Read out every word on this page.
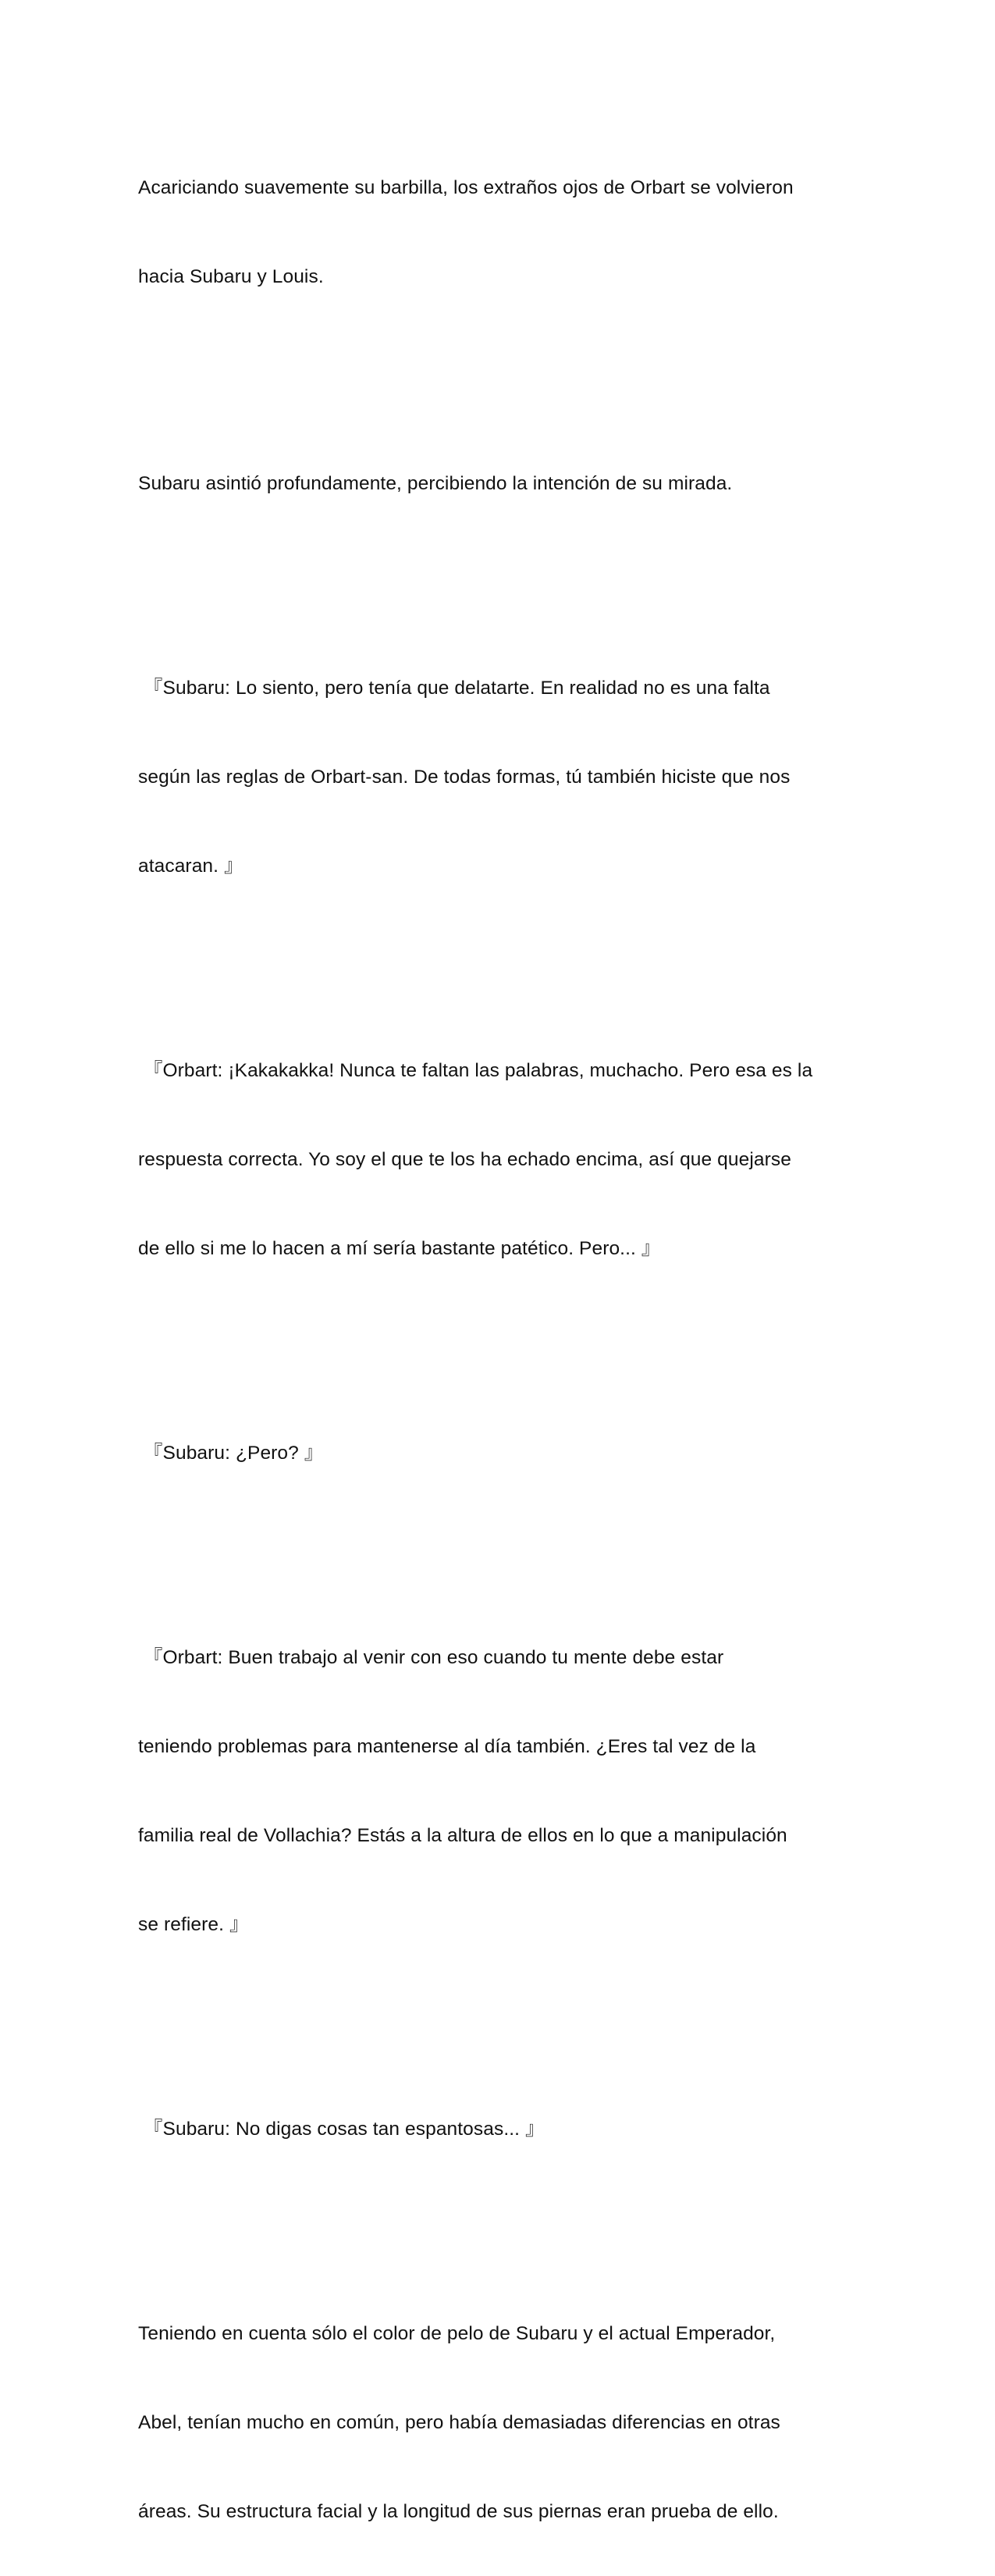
Acariciando suavemente su barbilla, los extraños ojos de Orbart se volvieron

hacia Subaru y Louis.

Subaru asintió profundamente, percibiendo la intención de su mirada.

『Subaru: Lo siento, pero tenía que delatarte. En realidad no es una falta

según las reglas de Orbart-san. De todas formas, tú también hiciste que nos

atacaran. 』

『Orbart: ¡Kakakakka! Nunca te faltan las palabras, muchacho. Pero esa es la

respuesta correcta. Yo soy el que te los ha echado encima, así que quejarse

de ello si me lo hacen a mí sería bastante patético. Pero... 』

『Subaru: ¿Pero? 』

『Orbart: Buen trabajo al venir con eso cuando tu mente debe estar

teniendo problemas para mantenerse al día también. ¿Eres tal vez de la

familia real de Vollachia? Estás a la altura de ellos en lo que a manipulación

se refiere. 』

『Subaru: No digas cosas tan espantosas... 』

Teniendo en cuenta sólo el color de pelo de Subaru y el actual Emperador,

Abel, tenían mucho en común, pero había demasiadas diferencias en otras

áreas. Su estructura facial y la longitud de sus piernas eran prueba de ello.
